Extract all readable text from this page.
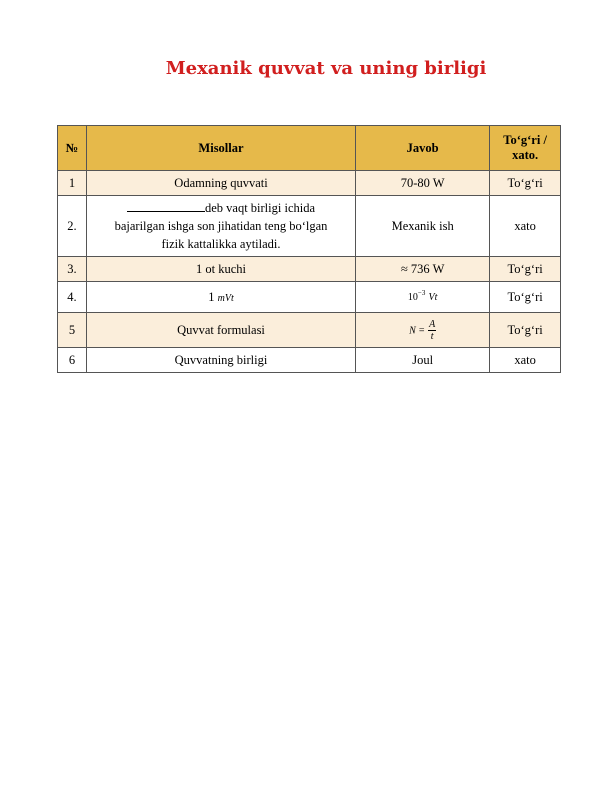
Mexanik quvvat va uning birligi
№	Misollar	Javob	To‘g‘ri /
xato.
1	Odamning quvvati	70-80 W	To‘g‘ri
2.	deb vaqt birligi ichida
bajarilgan ishga son jihatidan teng bo‘lgan
fizik kattalikka aytiladi.	Mexanik ish	xato
3.	1 ot kuchi	≈ 736 W	To‘g‘ri
4.	1 mVt	$10^{-3}$ Vt	To‘g‘ri
5	Quvvat formulasi	$N = \frac{A}{t}$	To‘g‘ri
6	Quvvatning birligi	Joul	xato
